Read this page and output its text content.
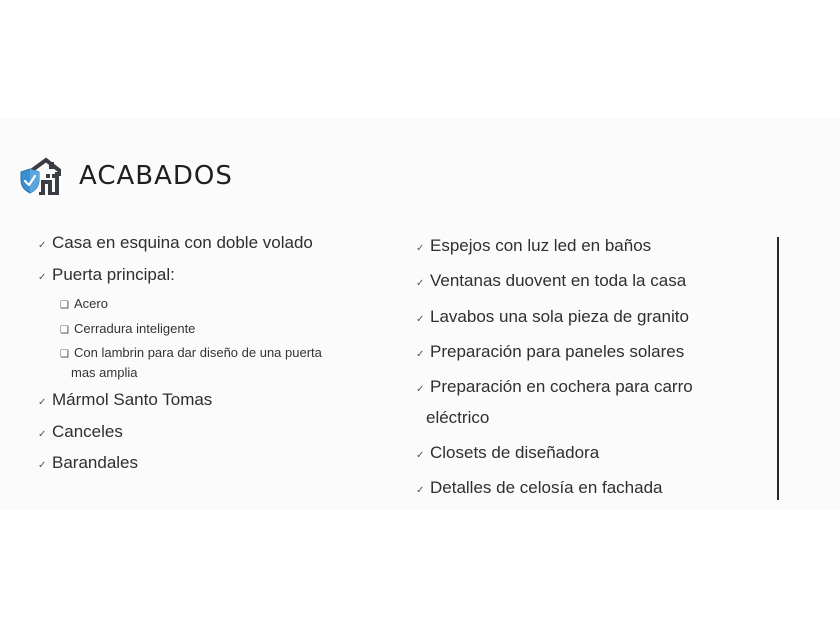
ACABADOS
✓ Casa en esquina con doble volado
✓ Puerta principal:
❑ Acero
❑ Cerradura inteligente
❑ Con lambrin para dar diseño de una puerta
mas amplia
✓ Mármol Santo Tomas
✓ Canceles
✓ Barandales
✓ Espejos con luz led en baños
✓ Ventanas duovent en toda la casa
✓ Lavabos una sola pieza de granito
✓ Preparación para paneles solares
✓ Preparación en cochera para carro
eléctrico
✓ Closets de diseñadora
✓ Detalles de celosía en fachada
